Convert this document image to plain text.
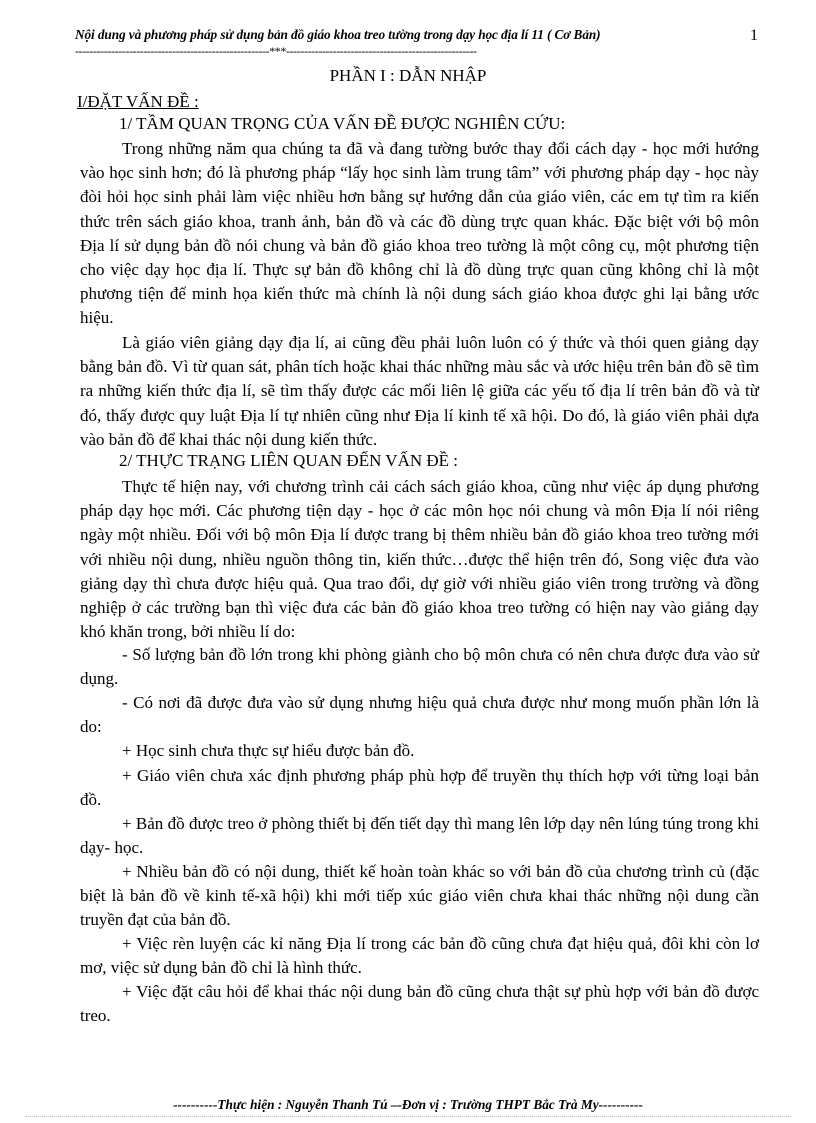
Nội dung và phương pháp sử dụng bản đồ giáo khoa treo tường trong dạy học địa lí 11 ( Cơ Bản)	1
------------------------------------------------------***-----------------------------------------------------
PHẦN I : DẪN NHẬP
I/ĐẶT VẤN ĐỀ :
1/ TẦM QUAN TRỌNG CỦA VẤN ĐỀ ĐƯỢC NGHIÊN CỨU:

Trong những năm qua chúng ta đã và đang tường bước thay đổi cách dạy - học mới hướng vào học sinh hơn; đó là phương pháp “lấy học sinh làm trung tâm” với phương pháp dạy - học này đòi hỏi học sinh phải làm việc nhiều hơn bằng sự hướng dẫn của giáo viên, các em tự tìm ra kiến thức trên sách giáo khoa, tranh ảnh, bản đồ và các đồ dùng trực quan khác. Đặc biệt với bộ môn Địa lí sử dụng bản đồ nói chung và bản đồ giáo khoa treo tường là một công cụ, một phương tiện cho việc dạy học địa lí. Thực sự bản đồ không chỉ là đồ dùng trực quan cũng không chỉ là một phương tiện để minh họa kiến thức mà chính là nội dung sách giáo khoa được ghi lại bằng ước hiệu.

Là giáo viên giảng dạy địa lí, ai cũng đều phải luôn luôn có ý thức và thói quen giảng dạy bằng bản đồ. Vì từ quan sát, phân tích hoặc khai thác những màu sắc và ước hiệu trên bản đồ sẽ tìm ra những kiến thức địa lí, sẽ tìm thấy được các mối liên lệ giữa các yếu tố địa lí trên bản đồ và từ đó, thấy được quy luật Địa lí tự nhiên cũng như Địa lí kinh tế xã hội. Do đó, là giáo viên phải dựa vào bản đồ để khai thác nội dung kiến thức.

2/ THỰC TRẠNG LIÊN QUAN ĐẾN VẤN ĐỀ :

Thực tế hiện nay, với chương trình cải cách sách giáo khoa, cũng như việc áp dụng phương pháp dạy học mới. Các phương tiện dạy - học ở các môn học nói chung và môn Địa lí nói riêng ngày một nhiều. Đối với bộ môn Địa lí được trang bị thêm nhiều bản đồ giáo khoa treo tường mới với nhiều nội dung, nhiều nguồn thông tin, kiến thức…được thể hiện trên đó, Song việc đưa vào giảng dạy thì chưa được hiệu quả. Qua trao đổi, dự giờ với nhiều giáo viên trong trường và đồng nghiệp ở các trường bạn thì việc đưa các bản đồ giáo khoa treo tường có hiện nay vào giảng dạy khó khăn trong, bởi nhiều lí do:

- Số lượng bản đồ lớn trong khi phòng giành cho bộ môn chưa có nên chưa được đưa vào sử dụng.

- Có nơi đã được đưa vào sử dụng nhưng hiệu quả chưa được như mong muốn phần lớn là do:

+ Học sinh chưa thực sự hiểu được bản đồ.

+ Giáo viên chưa xác định phương pháp phù hợp để truyền thụ thích hợp với từng loại bản đồ.

+ Bản đồ được treo ở phòng thiết bị đến tiết dạy thì mang lên lớp dạy nên lúng túng trong khi dạy- học.

+ Nhiều bản đồ có nội dung, thiết kế hoàn toàn khác so với bản đồ của chương trình củ (đặc biệt là bản đồ về kinh tế-xã hội) khi mới tiếp xúc giáo viên chưa khai thác những nội dung cần truyền đạt của bản đồ.

+ Việc rèn luyện các kỉ năng Địa lí trong các bản đồ cũng chưa đạt hiệu quả, đôi khi còn lơ mơ, việc sử dụng bản đồ chỉ là hình thức.

+ Việc đặt câu hỏi để khai thác nội dung bản đồ cũng chưa thật sự phù hợp với bản đồ được treo.

----------Thực hiện : Nguyễn Thanh Tú –-Đơn vị : Trường THPT Bắc Trà My----------
